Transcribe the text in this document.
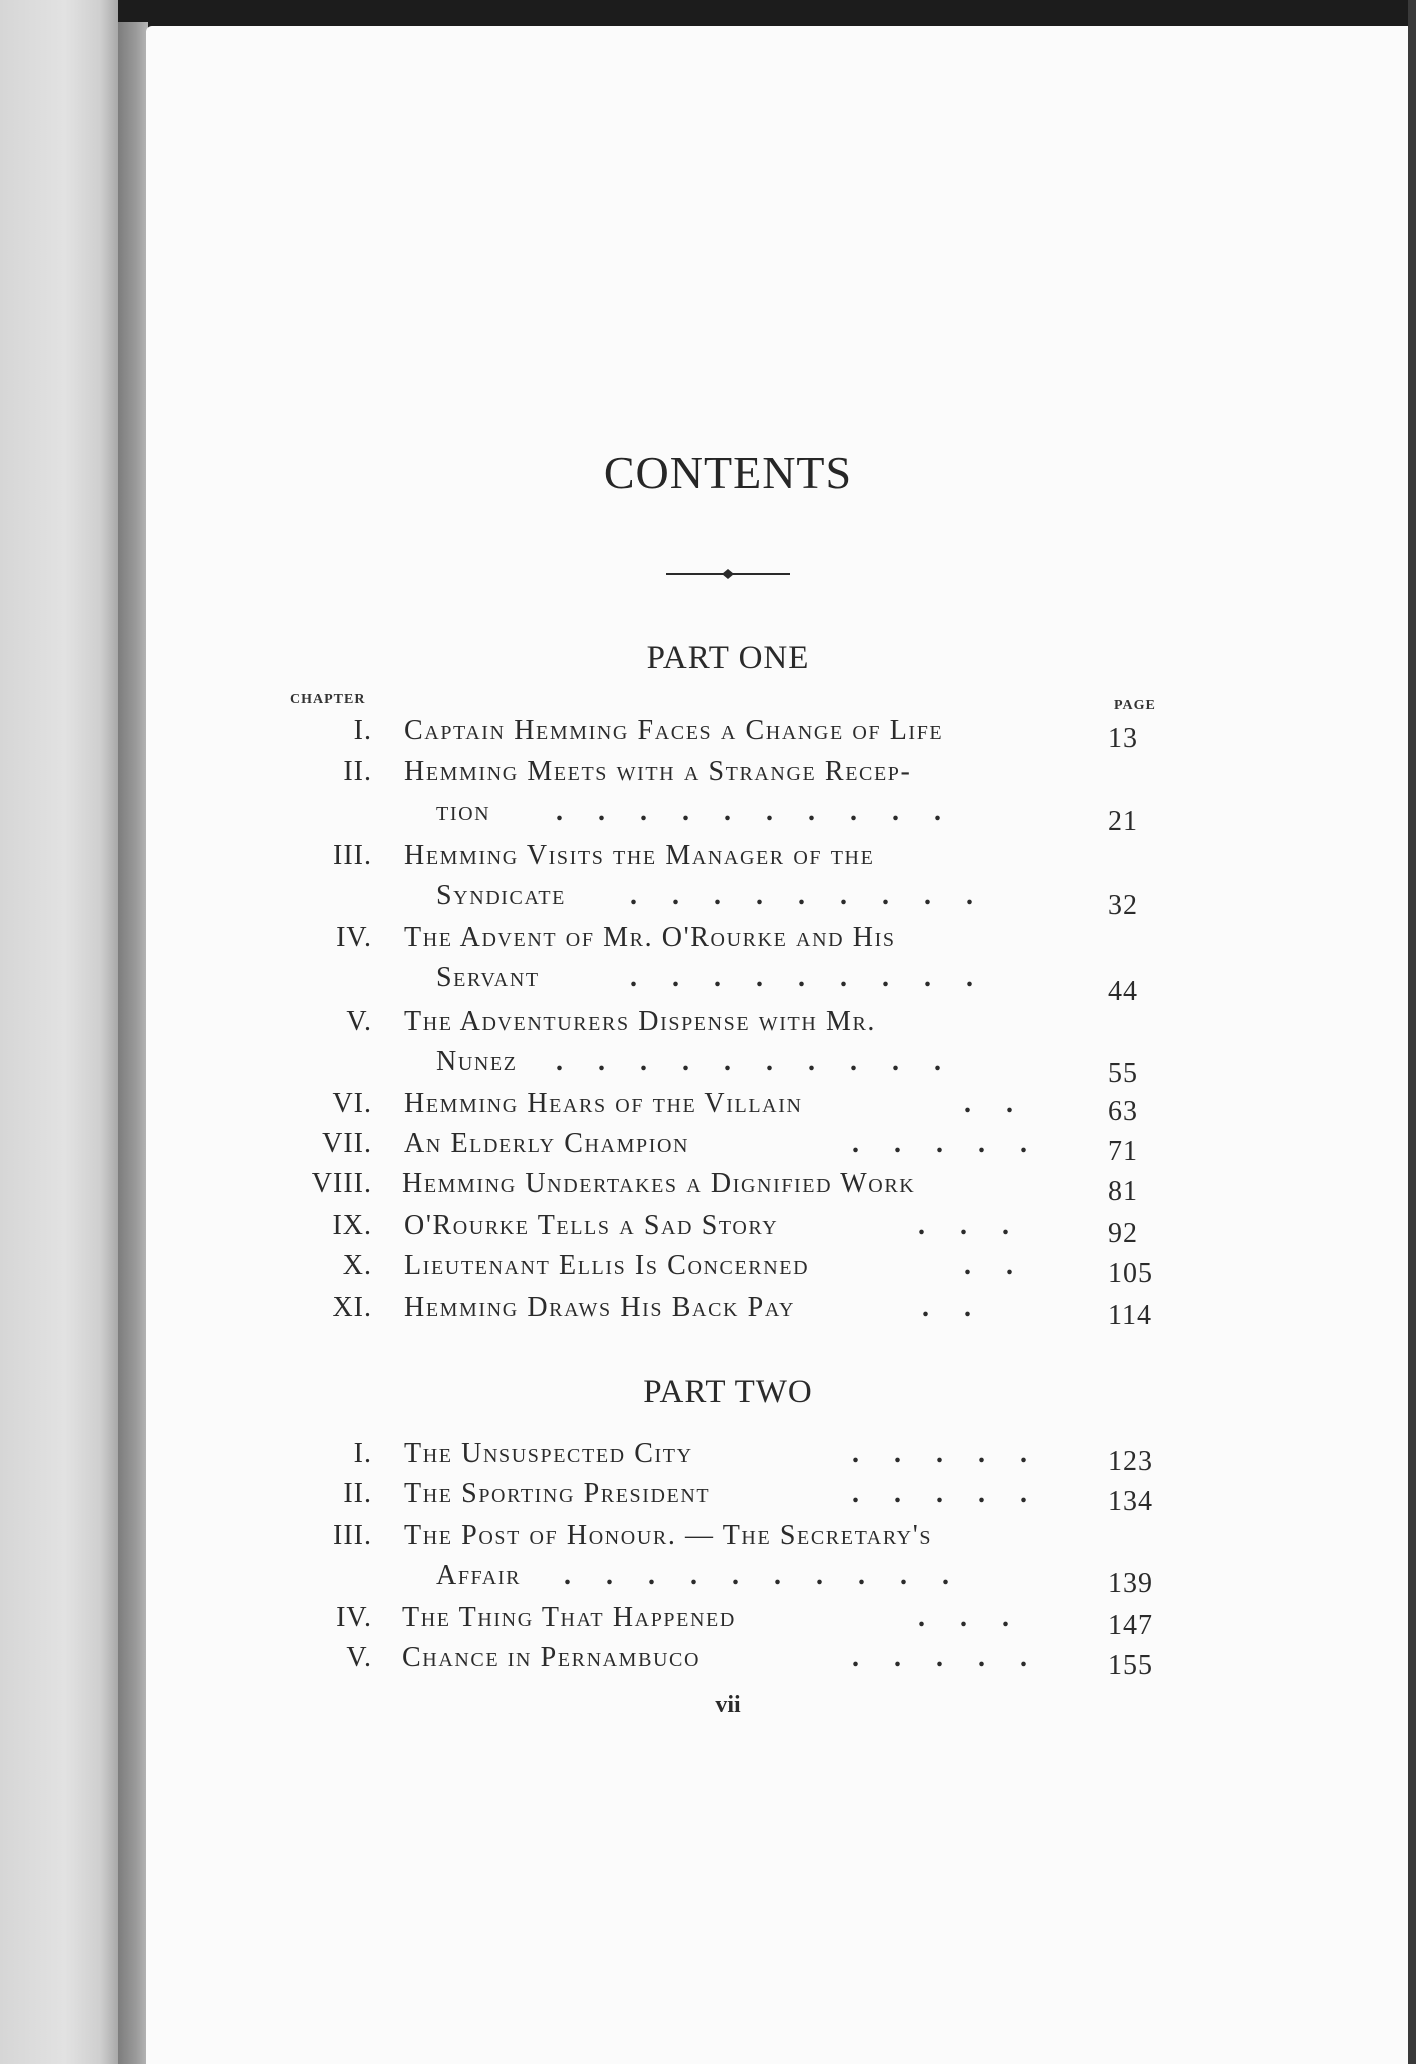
CONTENTS
PART ONE
CHAPTER	PAGE
I. Captain Hemming Faces a Change of Life	13
II. Hemming Meets with a Strange Recep-
tion .     .     .     .     .     .     .     .     .     .	21
III. Hemming Visits the Manager of the
Syndicate .     .     .     .     .     .     .     .     .	32
IV. The Advent of Mr. O'Rourke and His
Servant	.     .     .     .     .     .     .     .     .	44
V. The Adventurers Dispense with Mr.
Nunez .     .     .     .     .     .     .     .     .     .	55
VI. Hemming Hears of the Villain	.     .	63
VII. An Elderly Champion	.     .     .     .     .	71
VIII. Hemming Undertakes a Dignified Work	81
IX. O'Rourke Tells a Sad Story	.     .     .	92
X. Lieutenant Ellis Is Concerned	.     .	105
XI. Hemming Draws His Back Pay	.     .	114
PART TWO
I. The Unsuspected City	.     .     .     .     .	123
II. The Sporting President	.     .     .     .     .	134
III. The Post of Honour. — The Secretary's
Affair .     .     .     .     .     .     .     .     .     .	139
IV. The Thing That Happened	.     .     .	147
V. Chance in Pernambuco	.     .     .     .     .	155
vii
